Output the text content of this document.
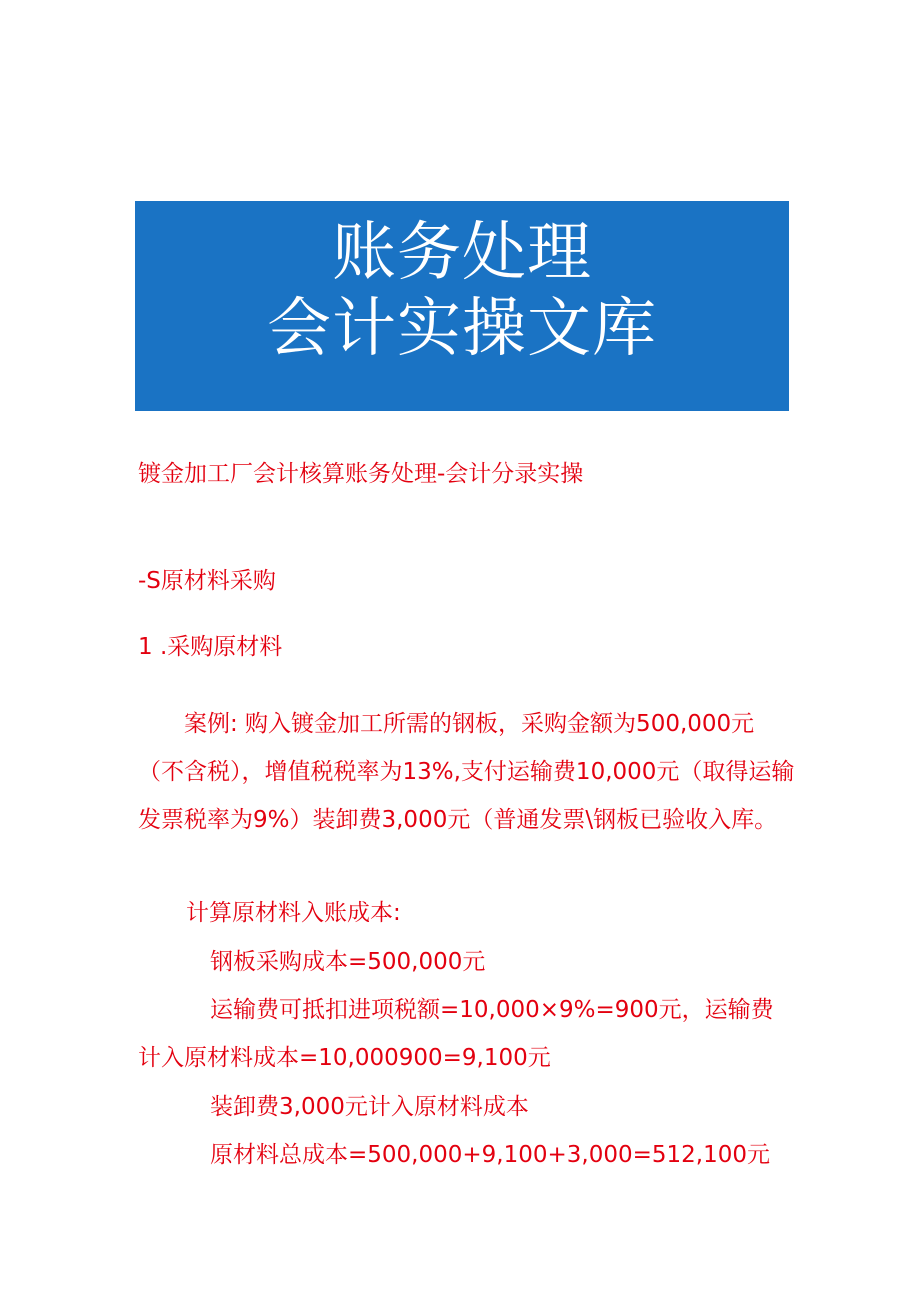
账务处理
会计实操文库
镀金加工厂会计核算账务处理-会计分录实操
-S原材料采购
1 .采购原材料

案例: 购入镀金加工所需的钢板，采购金额为500,000元（不含税），增值税税率为13%,支付运输费10,000元（取得运输发票税率为9%）装卸费3,000元（普通发票\钢板已验收入库。

计算原材料入账成本:
钢板采购成本=500,000元
运输费可抵扣进项税额=10,000×9%=900元，运输费
计入原材料成本=10,000900=9,100元
装卸费3,000元计入原材料成本
原材料总成本=500,000+9,100+3,000=512,100元
